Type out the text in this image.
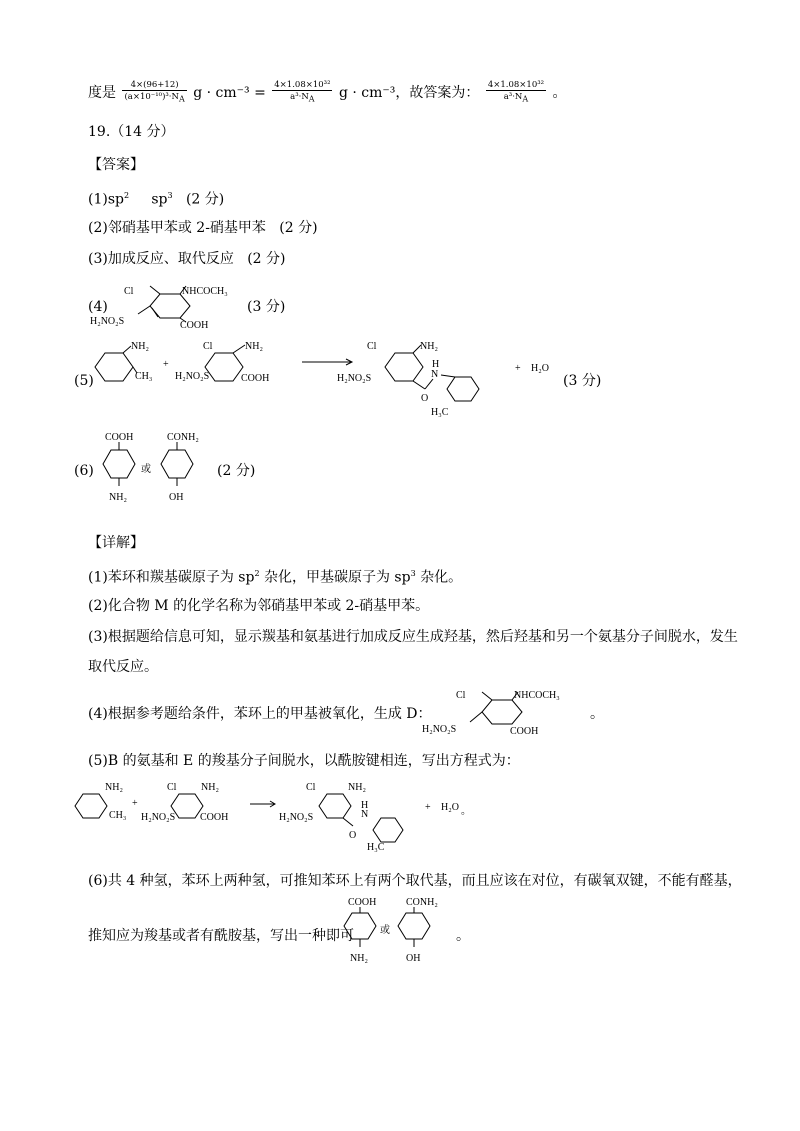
度是 $\frac{4\times(96+12)}{(a\times 10^{-10})^3\cdot N_A}$ $g \cdot cm^{-3} = \frac{\text{4×1.08×10³²}}{a^3\cdot N_A}$ g · cm⁻³，故答案为： $\frac{\text{4×1.08×10³²}}{a^3\cdot N_A}$ 。
19.（14 分）
【答案】
$(1)sp^2$ $sp^3$ (2 分)
(2)邻硝基甲苯或 2-硝基甲苯 (2 分)
(3)加成反应、取代反应 (2 分)
(4)
Cl	NHCOCH₃
H₂NO₂S	COOH
(3 分)
(5)
NH₂
CH₃
+
Cl	NH₂
H₂NO₂S	COOH
Cl	NH₂
H₂NO₂S
O
H
N
H₃C
+ H₂O
(3 分)
(6)
COOH
NH₂
或
CONH₂
OH
(2 分)
【详解】
(1)苯环和羰基碳原子为 $sp^2$ 杂化，甲基碳原子为 $sp^3$ 杂化。
(2)化合物 M 的化学名称为邻硝基甲苯或 2-硝基甲苯。
(3)根据题给信息可知，显示羰基和氨基进行加成反应生成羟基，然后羟基和另一个氨基分子间脱水，发生
取代反应。
(4)根据参考题给条件，苯环上的甲基被氧化，生成 D：
Cl	NHCOCH₃
H₂NO₂S	COOH
。
(5)B 的氨基和 E 的羧基分子间脱水，以酰胺键相连，写出方程式为：
NH₂
CH₃
+
Cl NH₂
H₂NO₂S COOH
Cl	NH₂
H₂NO₂S
O
H
N
H₃C
+ H₂O 。
(6)共 4 种氢，苯环上两种氢，可推知苯环上有两个取代基，而且应该在对位，有碳氧双键，不能有醛基，
推知应为羧基或者有酰胺基，写出一种即可
COOH
NH₂
或
CONH₂
OH
。
